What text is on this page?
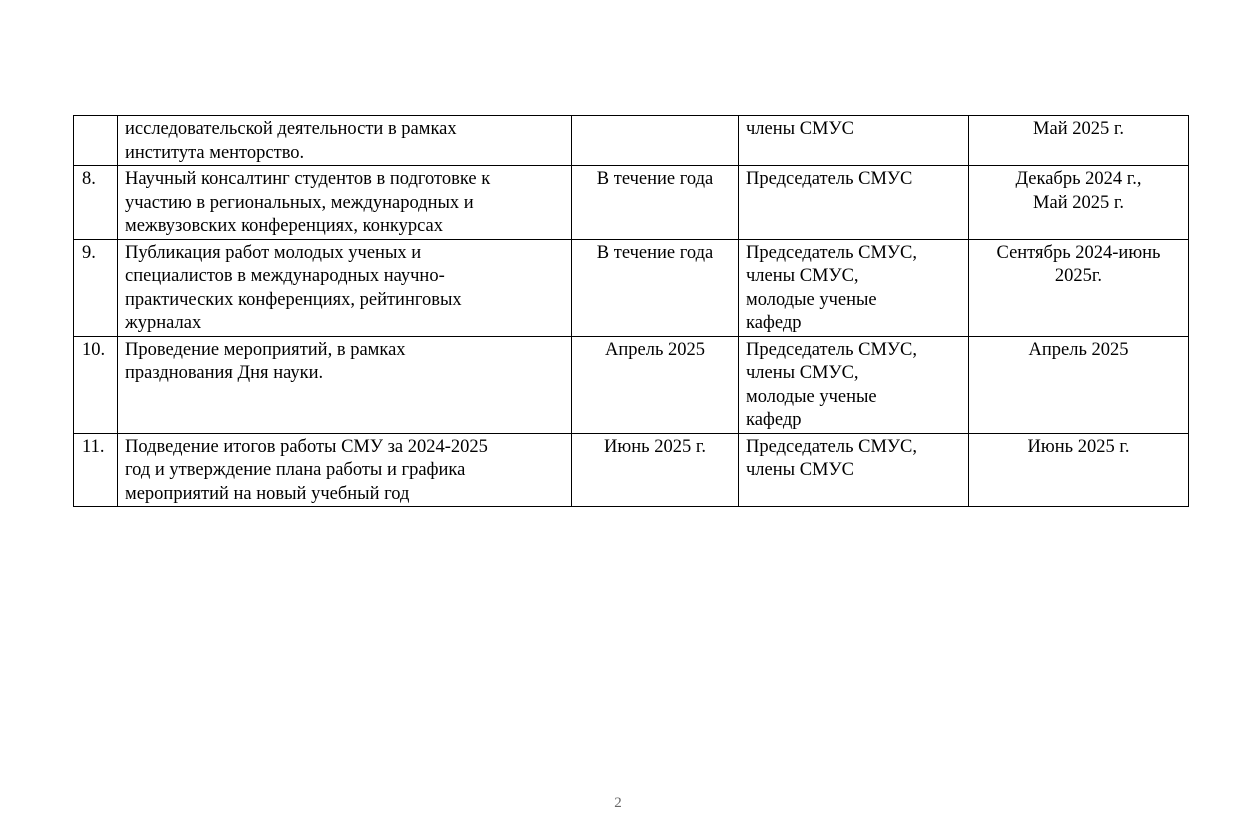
	исследовательской деятельности в рамках
института менторство.		члены СМУС	Май 2025 г.

8.	Научный консалтинг студентов в подготовке к
участию в региональных, международных и
межвузовских конференциях, конкурсах	В течение года	Председатель СМУС	Декабрь 2024 г.,
Май 2025 г.

9.	Публикация работ молодых ученых и
специалистов в международных научно-
практических конференциях, рейтинговых
журналах	В течение года	Председатель СМУС,
члены СМУС,
молодые ученые
кафедр	Сентябрь 2024-июнь
2025г.

10.	Проведение мероприятий, в рамках
празднования Дня науки.	Апрель 2025	Председатель СМУС,
члены СМУС,
молодые ученые
кафедр	Апрель 2025

11.	Подведение итогов работы СМУ за 2024-2025
год и утверждение плана работы и графика
мероприятий на новый учебный год	Июнь 2025 г.	Председатель СМУС,
члены СМУС	Июнь 2025 г.
2
